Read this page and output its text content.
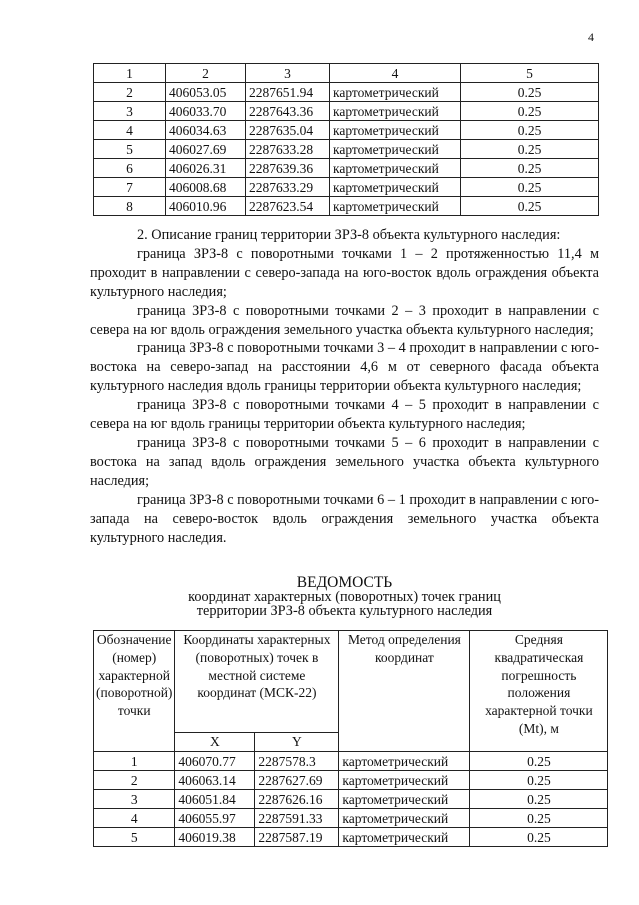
4
1	2	3	4	5
2	406053.05	2287651.94	картометрический	0.25
3	406033.70	2287643.36	картометрический	0.25
4	406034.63	2287635.04	картометрический	0.25
5	406027.69	2287633.28	картометрический	0.25
6	406026.31	2287639.36	картометрический	0.25
7	406008.68	2287633.29	картометрический	0.25
8	406010.96	2287623.54	картометрический	0.25

2. Описание границ территории ЗРЗ-8 объекта культурного наследия:

граница ЗРЗ-8 с поворотными точками 1 – 2 протяженностью 11,4 м проходит в направлении с северо-запада на юго-восток вдоль ограждения объекта культурного наследия;

граница ЗРЗ-8 с поворотными точками 2 – 3 проходит в направлении с севера на юг вдоль ограждения земельного участка объекта культурного наследия;

граница ЗРЗ-8 с поворотными точками 3 – 4 проходит в направлении с юго-востока на северо-запад на расстоянии 4,6 м от северного фасада объекта культурного наследия вдоль границы территории объекта культурного наследия;

граница ЗРЗ-8 с поворотными точками 4 – 5 проходит в направлении с севера на юг вдоль границы территории объекта культурного наследия;

граница ЗРЗ-8 с поворотными точками 5 – 6 проходит в направлении с востока на запад вдоль ограждения земельного участка объекта культурного наследия;

граница ЗРЗ-8 с поворотными точками 6 – 1 проходит в направлении с юго-запада на северо-восток вдоль ограждения земельного участка объекта культурного наследия.

ВЕДОМОСТЬ
координат характерных (поворотных) точек границ
территории ЗРЗ-8 объекта культурного наследия
Обозначение (номер) характерной (поворотной) точки	Координаты характерных (поворотных) точек в местной системе координат (МСК-22)		Метод определения координат	Средняя квадратическая погрешность положения характерной точки (Mt), м
	X	Y		
1	406070.77	2287578.3	картометрический	0.25
2	406063.14	2287627.69	картометрический	0.25
3	406051.84	2287626.16	картометрический	0.25
4	406055.97	2287591.33	картометрический	0.25
5	406019.38	2287587.19	картометрический	0.25
